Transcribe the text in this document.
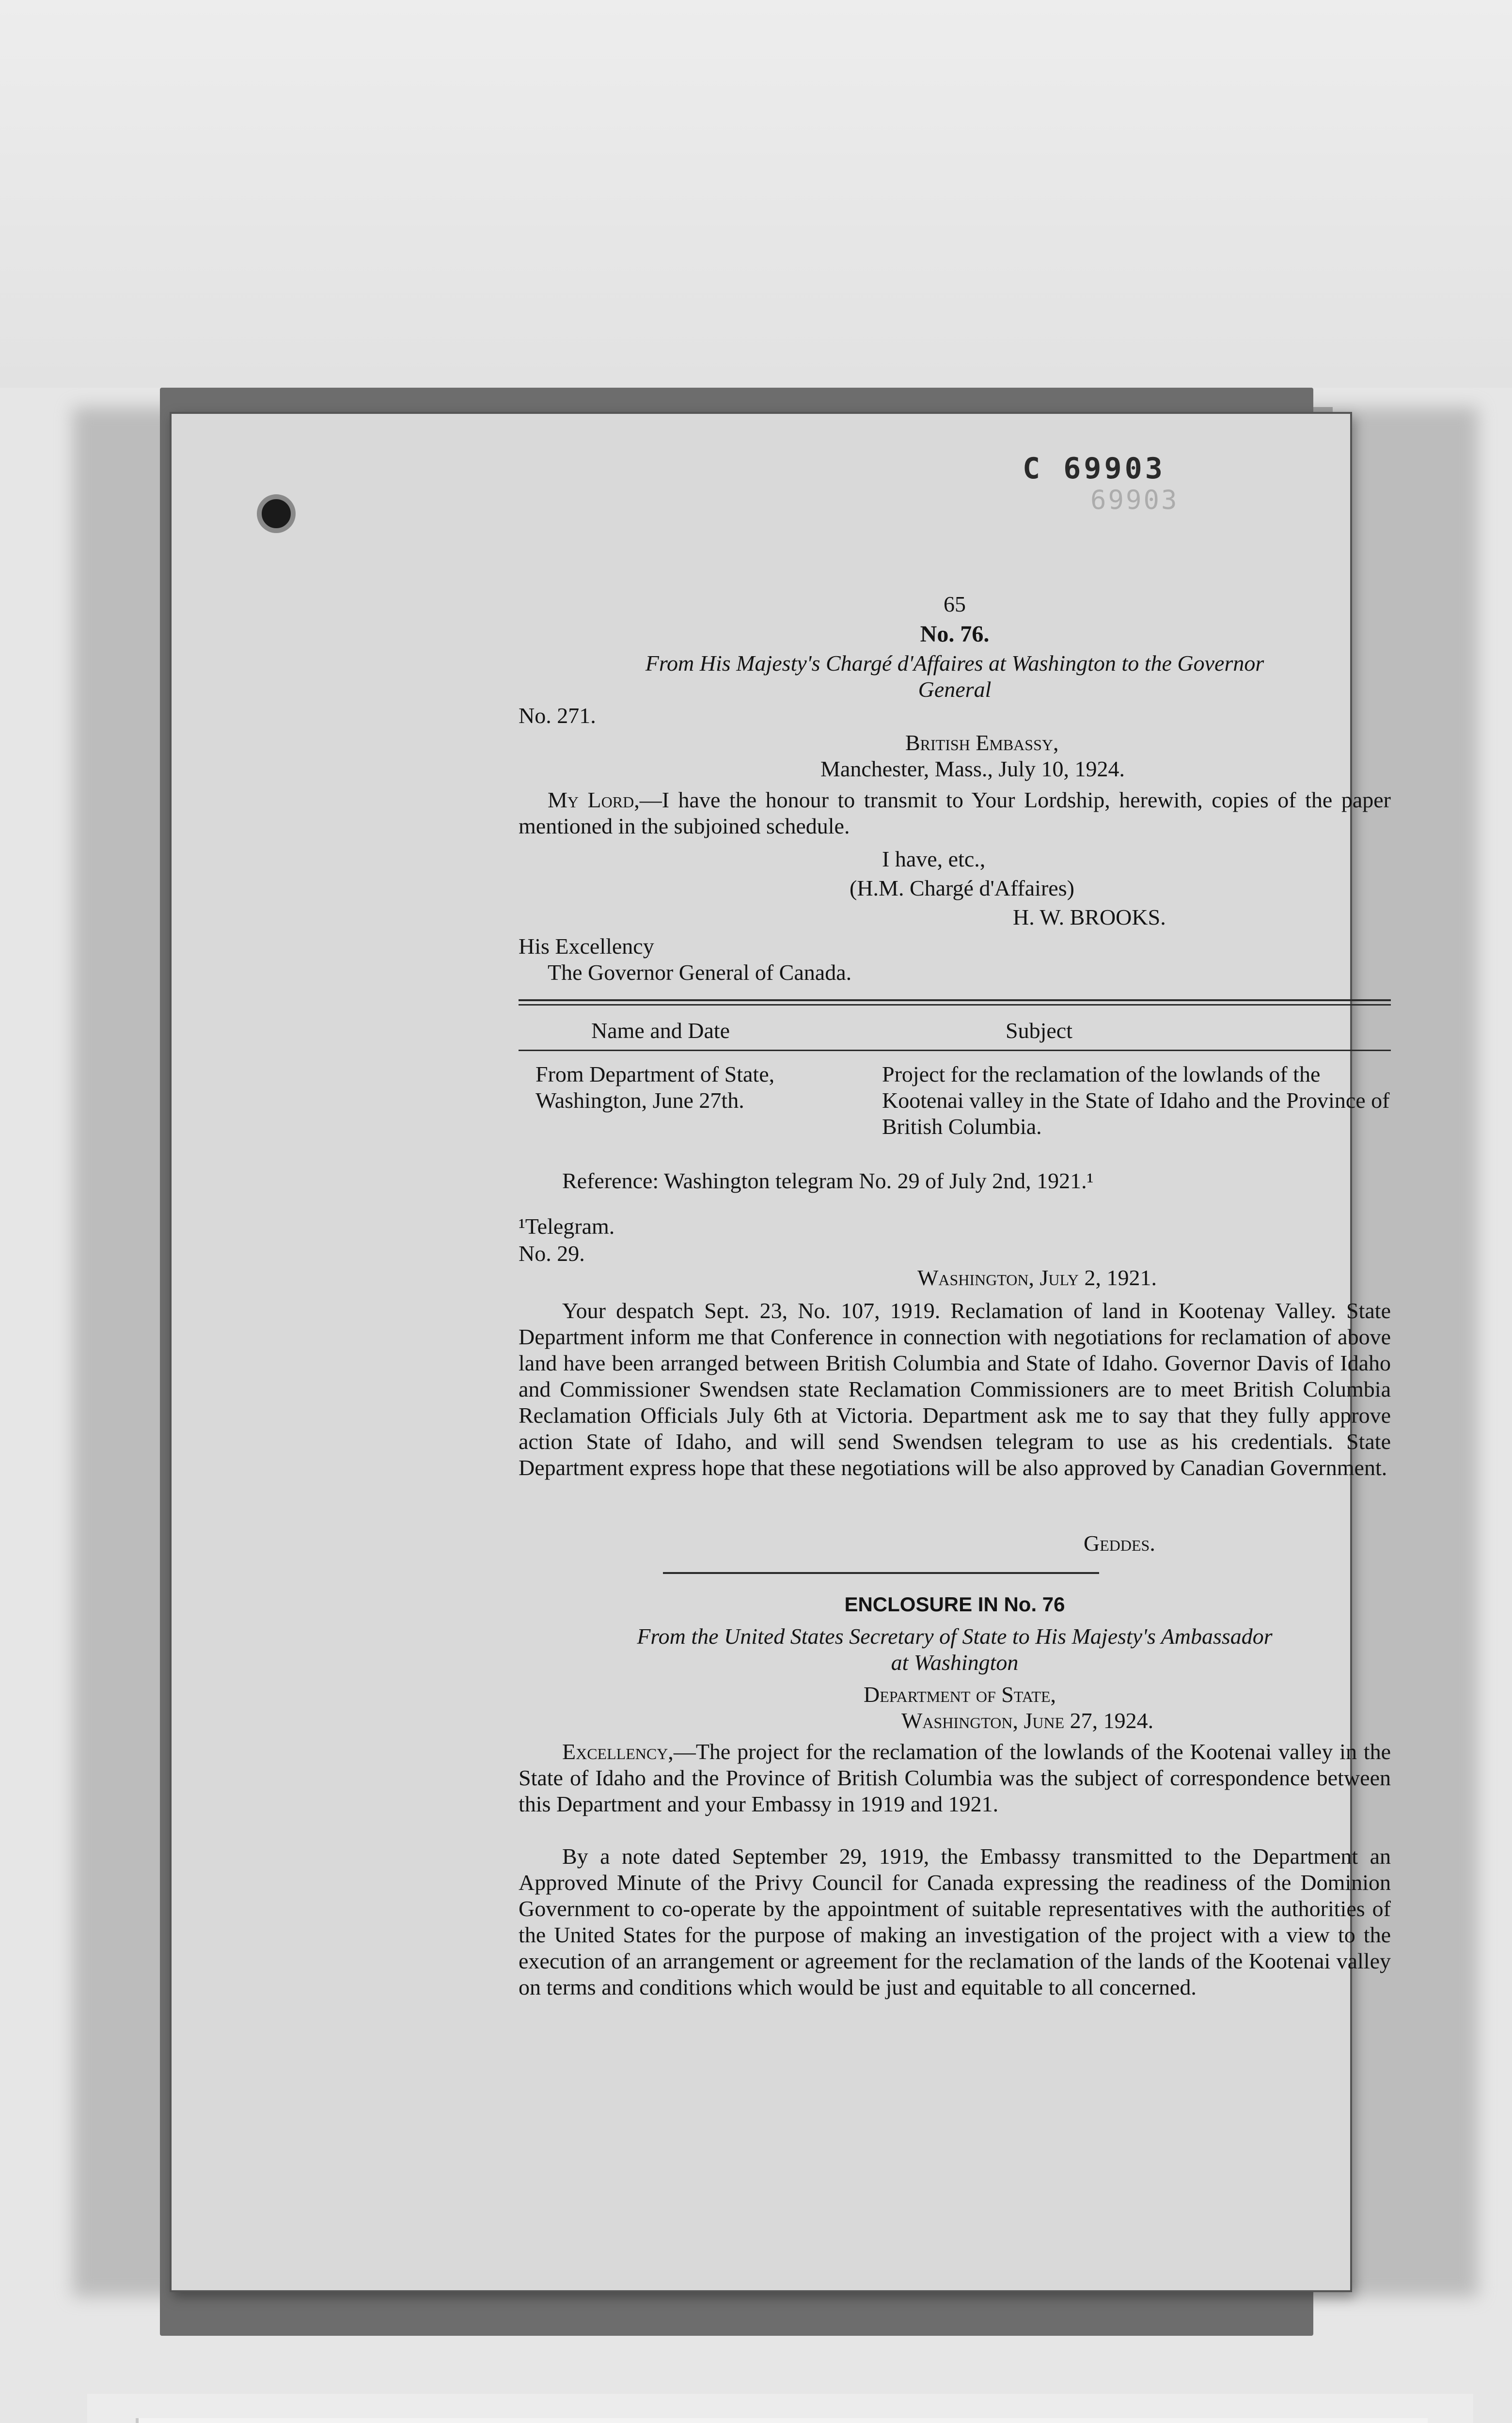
C 69903
69903
65
No. 76.
From His Majesty's Chargé d'Affaires at Washington to the Governor
General
No. 271.
British Embassy,
Manchester, Mass., July 10, 1924.
My Lord,—I have the honour to transmit to Your Lordship, herewith, copies of the paper mentioned in the subjoined schedule.
I have, etc.,
(H.M. Chargé d'Affaires)
H. W. BROOKS.
His Excellency
The Governor General of Canada.
Name and Date	Subject
From Department of State, Washington, June 27th.
Project for the reclamation of the lowlands of the Kootenai valley in the State of Idaho and the Province of British Columbia.
Reference: Washington telegram No. 29 of July 2nd, 1921.¹
¹Telegram.
No. 29.
Washington, July 2, 1921.
Your despatch Sept. 23, No. 107, 1919. Reclamation of land in Kootenay Valley. State Department inform me that Conference in connection with negotiations for reclamation of above land have been arranged between British Columbia and State of Idaho. Governor Davis of Idaho and Commissioner Swendsen state Reclamation Commissioners are to meet British Columbia Reclamation Officials July 6th at Victoria. Department ask me to say that they fully approve action State of Idaho, and will send Swendsen telegram to use as his credentials. State Department express hope that these negotiations will be also approved by Canadian Government.
Geddes.
ENCLOSURE IN No. 76
From the United States Secretary of State to His Majesty's Ambassador
at Washington
Department of State,
Washington, June 27, 1924.
Excellency,—The project for the reclamation of the lowlands of the Kootenai valley in the State of Idaho and the Province of British Columbia was the subject of correspondence between this Department and your Embassy in 1919 and 1921.
By a note dated September 29, 1919, the Embassy transmitted to the Department an Approved Minute of the Privy Council for Canada expressing the readiness of the Dominion Government to co-operate by the appointment of suitable representatives with the authorities of the United States for the purpose of making an investigation of the project with a view to the execution of an arrangement or agreement for the reclamation of the lands of the Kootenai valley on terms and conditions which would be just and equitable to all concerned.
